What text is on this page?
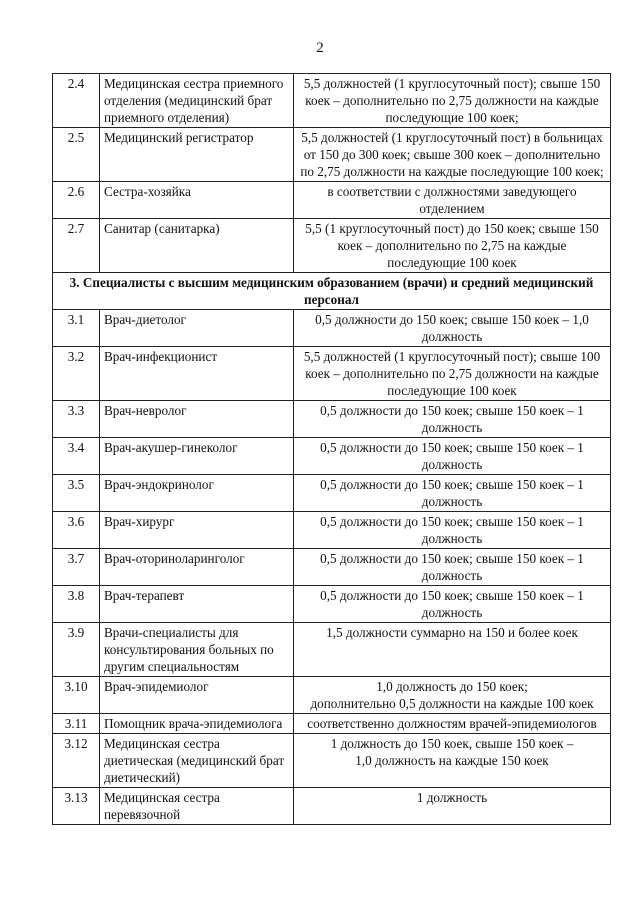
2
2.4	Медицинская сестра приемного отделения (медицинский брат приемного отделения)	5,5 должностей (1 круглосуточный пост); свыше 150 коек – дополнительно по 2,75 должности на каждые последующие 100 коек;
2.5	Медицинский регистратор	5,5 должностей (1 круглосуточный пост) в больницах от 150 до 300 коек; свыше 300 коек – дополнительно по 2,75 должности на каждые последующие 100 коек;
2.6	Сестра-хозяйка	в соответствии с должностями заведующего отделением
2.7	Санитар (санитарка)	5,5 (1 круглосуточный пост) до 150 коек; свыше 150 коек – дополнительно по 2,75 на каждые последующие 100 коек
3. Специалисты с высшим медицинским образованием (врачи) и средний медицинский персонал		
3.1	Врач-диетолог	0,5 должности до 150 коек; свыше 150 коек – 1,0 должность
3.2	Врач-инфекционист	5,5 должностей (1 круглосуточный пост); свыше 100 коек – дополнительно по 2,75 должности на каждые последующие 100 коек
3.3	Врач-невролог	0,5 должности до 150 коек; свыше 150 коек – 1 должность
3.4	Врач-акушер-гинеколог	0,5 должности до 150 коек; свыше 150 коек – 1 должность
3.5	Врач-эндокринолог	0,5 должности до 150 коек; свыше 150 коек – 1 должность
3.6	Врач-хирург	0,5 должности до 150 коек; свыше 150 коек – 1 должность
3.7	Врач-оториноларинголог	0,5 должности до 150 коек; свыше 150 коек – 1 должность
3.8	Врач-терапевт	0,5 должности до 150 коек; свыше 150 коек – 1 должность
3.9	Врачи-специалисты для консультирования больных по другим специальностям	1,5 должности суммарно на 150 и более коек
3.10	Врач-эпидемиолог	1,0 должность до 150 коек;
дополнительно 0,5 должности на каждые 100 коек
3.11	Помощник врача-эпидемиолога	соответственно должностям врачей-эпидемиологов
3.12	Медицинская сестра диетическая (медицинский брат диетический)	1 должность до 150 коек, свыше 150 коек –
1,0 должность на каждые 150 коек
3.13	Медицинская сестра перевязочной	1 должность
